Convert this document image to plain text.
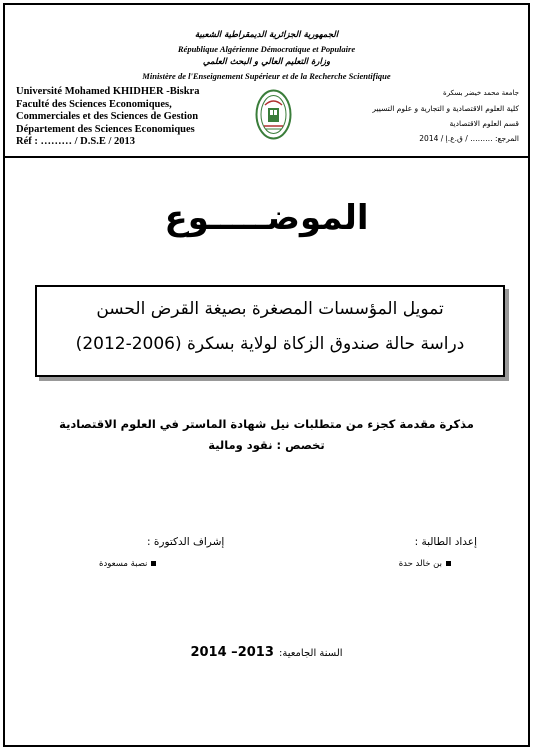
الجمهورية الجزائرية الديمقراطية الشعبية
République Algérienne Démocratique et Populaire
وزارة التعليم العالي و البحث العلمي
Ministère de l'Enseignement Supérieur et de la Recherche Scientifique
Université Mohamed KHIDHER -Biskra
Faculté des Sciences Economiques,
Commerciales et des Sciences de Gestion
Département des Sciences Economiques
Réf : ……… / D.S.E / 2013
جامعة محمد خيضر بسكرة
كلية العلوم الاقتصادية و التجارية و علوم التسيير
قسم العلوم الاقتصادية
المرجع: ……… / ق.ع.إ / 2014
الموضـــــوع
تمويل المؤسسات المصغرة بصيغة القرض الحسن
دراسة حالة صندوق الزكاة لولاية بسكرة (2006-2012)
مذكرة مقدمة كجزء من متطلبات نيل شهادة الماستر في العلوم الاقتصادية
تخصص : نقود ومالية
إعداد الطالبة :
بن خالد حدة
إشراف الدكتورة :
نصبة مسعودة
السنة الجامعية: 2013– 2014
